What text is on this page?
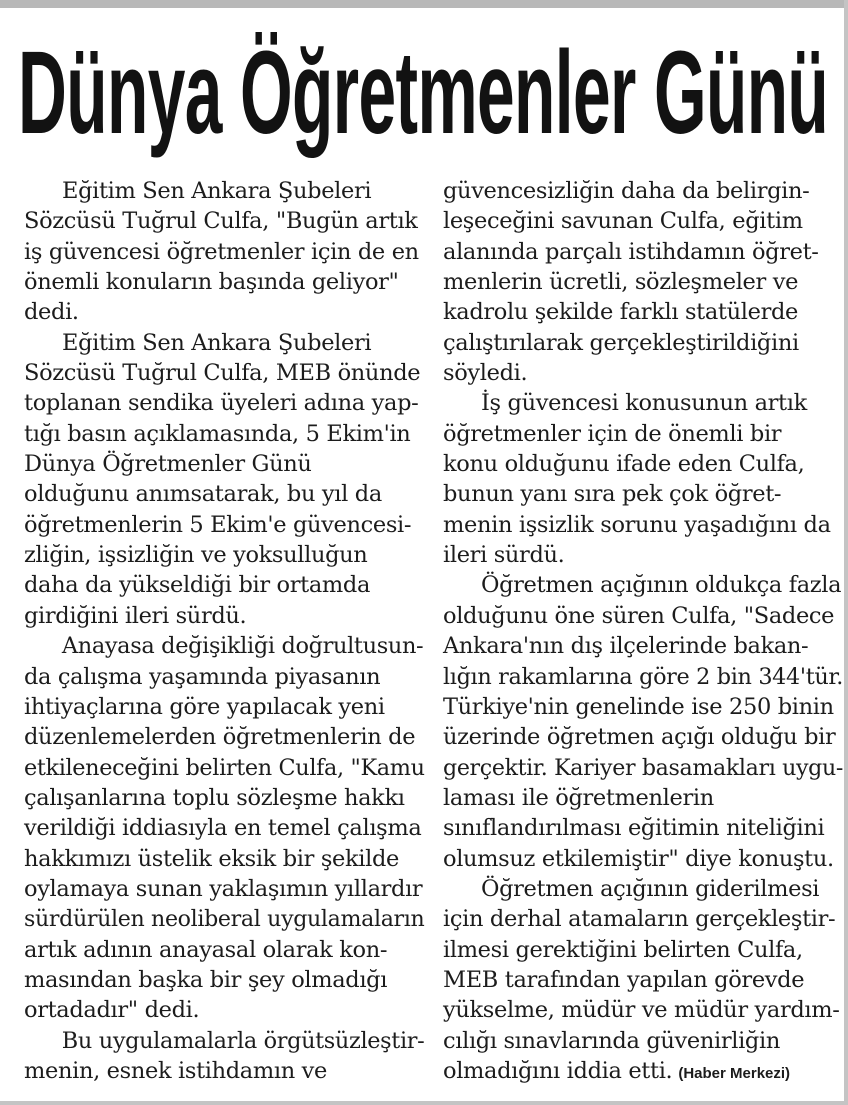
Dünya Öğretmenler Günü
Eğitim Sen Ankara Şubeleri
Sözcüsü Tuğrul Culfa, "Bugün artık
iş güvencesi öğretmenler için de en
önemli konuların başında geliyor"
dedi.
Eğitim Sen Ankara Şubeleri
Sözcüsü Tuğrul Culfa, MEB önünde
toplanan sendika üyeleri adına yap-
tığı basın açıklamasında, 5 Ekim'in
Dünya Öğretmenler Günü
olduğunu anımsatarak, bu yıl da
öğretmenlerin 5 Ekim'e güvencesi-
zliğin, işsizliğin ve yoksulluğun
daha da yükseldiği bir ortamda
girdiğini ileri sürdü.
Anayasa değişikliği doğrultusun-
da çalışma yaşamında piyasanın
ihtiyaçlarına göre yapılacak yeni
düzenlemelerden öğretmenlerin de
etkileneceğini belirten Culfa, "Kamu
çalışanlarına toplu sözleşme hakkı
verildiği iddiasıyla en temel çalışma
hakkımızı üstelik eksik bir şekilde
oylamaya sunan yaklaşımın yıllardır
sürdürülen neoliberal uygulamaların
artık adının anayasal olarak kon-
masından başka bir şey olmadığı
ortadadır" dedi.
Bu uygulamalarla örgütsüzleştir-
menin, esnek istihdamın ve
güvencesizliğin daha da belirgin-
leşeceğini savunan Culfa, eğitim
alanında parçalı istihdamın öğret-
menlerin ücretli, sözleşmeler ve
kadrolu şekilde farklı statülerde
çalıştırılarak gerçekleştirildiğini
söyledi.
İş güvencesi konusunun artık
öğretmenler için de önemli bir
konu olduğunu ifade eden Culfa,
bunun yanı sıra pek çok öğret-
menin işsizlik sorunu yaşadığını da
ileri sürdü.
Öğretmen açığının oldukça fazla
olduğunu öne süren Culfa, "Sadece
Ankara'nın dış ilçelerinde bakan-
lığın rakamlarına göre 2 bin 344'tür.
Türkiye'nin genelinde ise 250 binin
üzerinde öğretmen açığı olduğu bir
gerçektir. Kariyer basamakları uygu-
laması ile öğretmenlerin
sınıflandırılması eğitimin niteliğini
olumsuz etkilemiştir" diye konuştu.
Öğretmen açığının giderilmesi
için derhal atamaların gerçekleştir-
ilmesi gerektiğini belirten Culfa,
MEB tarafından yapılan görevde
yükselme, müdür ve müdür yardım-
cılığı sınavlarında güvenirliğin
olmadığını iddia etti. (Haber Merkezi)
